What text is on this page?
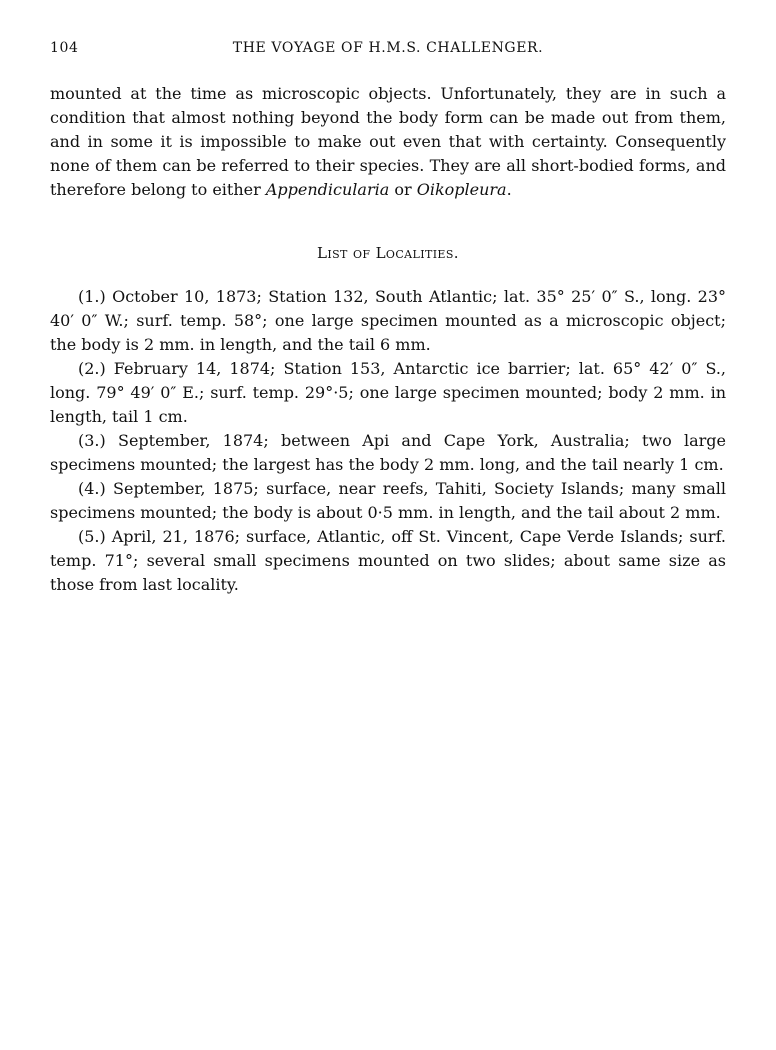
104	THE VOYAGE OF H.M.S. CHALLENGER.

mounted at the time as microscopic objects. Unfortunately, they are in such a condition that almost nothing beyond the body form can be made out from them, and in some it is impossible to make out even that with certainty. Consequently none of them can be referred to their species. They are all short-bodied forms, and therefore belong to either Appendicularia or Oikopleura.

List of Localities.

(1.) October 10, 1873; Station 132, South Atlantic; lat. 35° 25′ 0″ S., long. 23° 40′ 0″ W.; surf. temp. 58°; one large specimen mounted as a microscopic object; the body is 2 mm. in length, and the tail 6 mm.

(2.) February 14, 1874; Station 153, Antarctic ice barrier; lat. 65° 42′ 0″ S., long. 79° 49′ 0″ E.; surf. temp. 29°·5; one large specimen mounted; body 2 mm. in length, tail 1 cm.

(3.) September, 1874; between Api and Cape York, Australia; two large specimens mounted; the largest has the body 2 mm. long, and the tail nearly 1 cm.

(4.) September, 1875; surface, near reefs, Tahiti, Society Islands; many small specimens mounted; the body is about 0·5 mm. in length, and the tail about 2 mm.

(5.) April, 21, 1876; surface, Atlantic, off St. Vincent, Cape Verde Islands; surf. temp. 71°; several small specimens mounted on two slides; about same size as those from last locality.
